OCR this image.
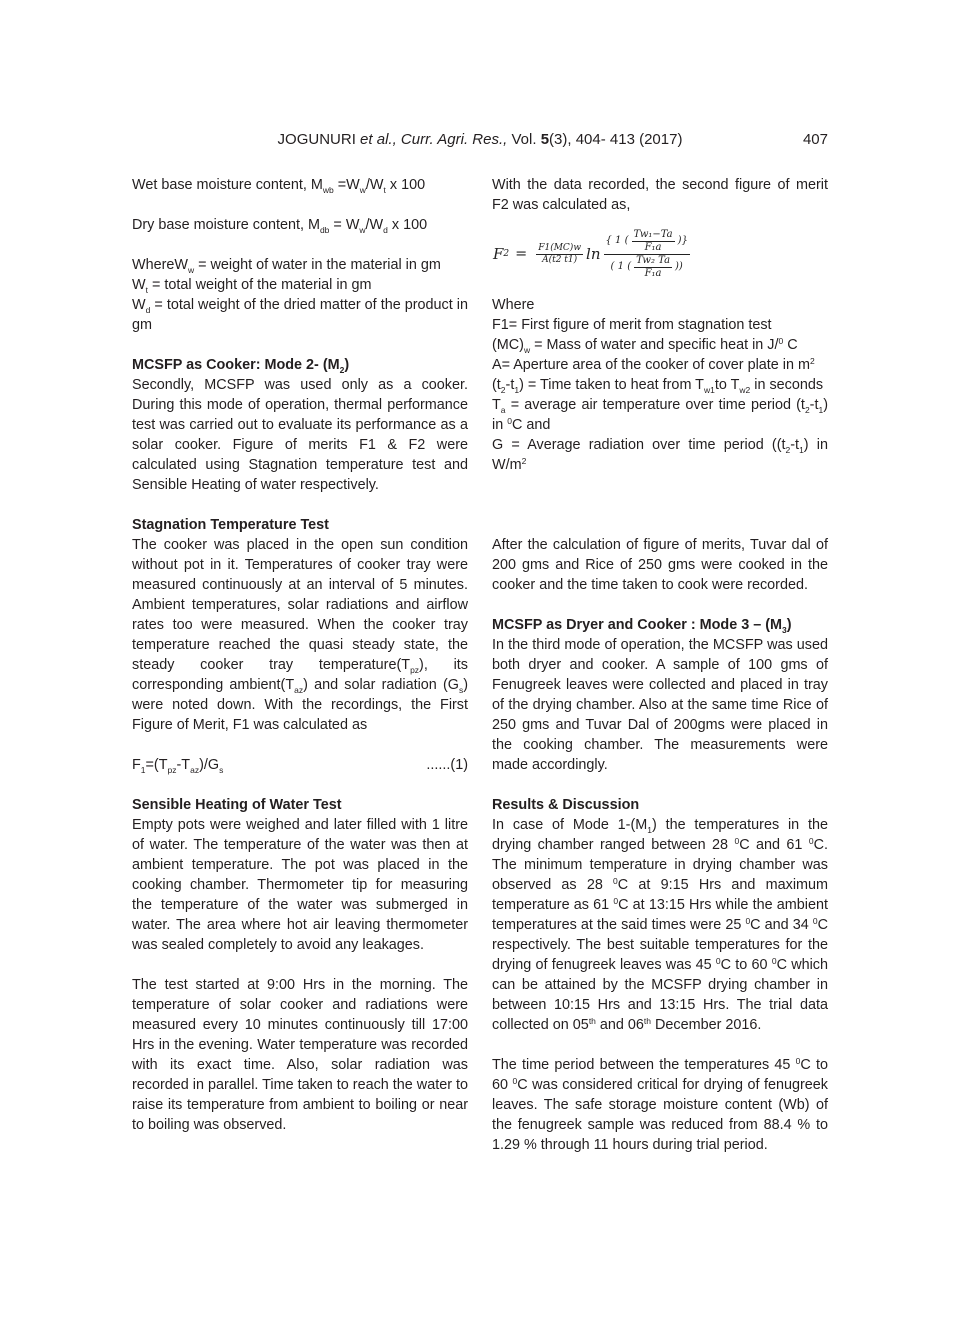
JOGUNURI et al., Curr. Agri. Res., Vol. 5(3), 404- 413 (2017)	407
F $2 = \frac{F1(MC)w}{A(t2 t1)}$ $\ln \frac{\{ 1 ( \frac{\text{Tw₁−Ta}}{\text{F₁a}} )\}}{( 1 ( \frac{\text{Tw₂ Ta}}{\text{F₁a}} ))}$
Wet base moisture content, $M_{wb} =W_w/W_t$ x 100
Dry base moisture content, $M_{db} = W_w/W_d$ x 100
WhereW$_w$ = weight of water in the material in gm
$W_t$ = total weight of the material in gm
$W_d$ = total weight of the dried matter of the product in gm
MCSFP as Cooker: Mode 2- $(M_2)$
Secondly, MCSFP was used only as a cooker. During this mode of operation, thermal performance test was carried out to evaluate its performance as a solar cooker. Figure of merits F1 & F2 were calculated using Stagnation temperature test and Sensible Heating of water respectively.
Stagnation Temperature Test
The cooker was placed in the open sun condition without pot in it. Temperatures of cooker tray were measured continuously at an interval of 5 minutes. Ambient temperatures, solar radiations and airflow rates too were measured. When the cooker tray temperature reached the quasi steady state, the steady cooker tray $temperature(T_{pz})$, its corresponding $ambient(T_{az})$ and solar radiation $(G_s)$ were noted down. With the recordings, the First Figure of Merit, F1 was calculated as
$F_1=(T_{pz}-T_{az})/G_s$	......(1)
Sensible Heating of Water Test
Empty pots were weighed and later filled with 1 litre of water. The temperature of the water was then at ambient temperature. The pot was placed in the cooking chamber. Thermometer tip for measuring the temperature of the water was submerged in water. The area where hot air leaving thermometer was sealed completely to avoid any leakages.
The test started at 9:00 Hrs in the morning. The temperature of solar cooker and radiations were measured every 10 minutes continuously till 17:00 Hrs in the evening. Water temperature was recorded with its exact time. Also, solar radiation was recorded in parallel. Time taken to reach the water to raise its temperature from ambient to boiling or near to boiling was observed.
With the data recorded, the second figure of merit F2 was calculated as,
Where
F1= First figure of merit from stagnation test
$(MC)_w$ = Mass of water and specific heat in J/$^0$ C
A= Aperture area of the cooker of cover plate in $m^2$
$(t_2-t_1)$ = Time taken to heat from $T_{w1}to$ $T_{w2}$ in seconds
$T_a$ = average air temperature over time period $(t_2-t_1)$ in $^0$C and
G = Average radiation over time period ($(t_2-t_1)$ in $W/m^2$
After the calculation of figure of merits, Tuvar dal of 200 gms and Rice of 250 gms were cooked in the cooker and the time taken to cook were recorded.
MCSFP as Dryer and Cooker : Mode $3 - (M_3)$
In the third mode of operation, the MCSFP was used both dryer and cooker. A sample of 100 gms of Fenugreek leaves were collected and placed in tray of the drying chamber. Also at the same time Rice of 250 gms and Tuvar Dal of 200gms were placed in the cooking chamber. The measurements were made accordingly.
Results & Discussion
In case of Mode $1-(M_1)$ the temperatures in the drying chamber ranged between 28 $^0$C and 61 $^0$C. The minimum temperature in drying chamber was observed as 28 $^0$C at 9:15 Hrs and maximum temperature as 61 $^0$C at 13:15 Hrs while the ambient temperatures at the said times were 25 $^0$C and 34 $^0$C respectively. The best suitable temperatures for the drying of fenugreek leaves was 45 $^0$C to 60 $^0$C which can be attained by the MCSFP drying chamber in between 10:15 Hrs and 13:15 Hrs. The trial data collected on 05th and 06th December 2016.
The time period between the temperatures 45 $^0$C to 60 $^0$C was considered critical for drying of fenugreek leaves. The safe storage moisture content (Wb) of the fenugreek sample was reduced from 88.4 % to 1.29 % through 11 hours during trial period.
